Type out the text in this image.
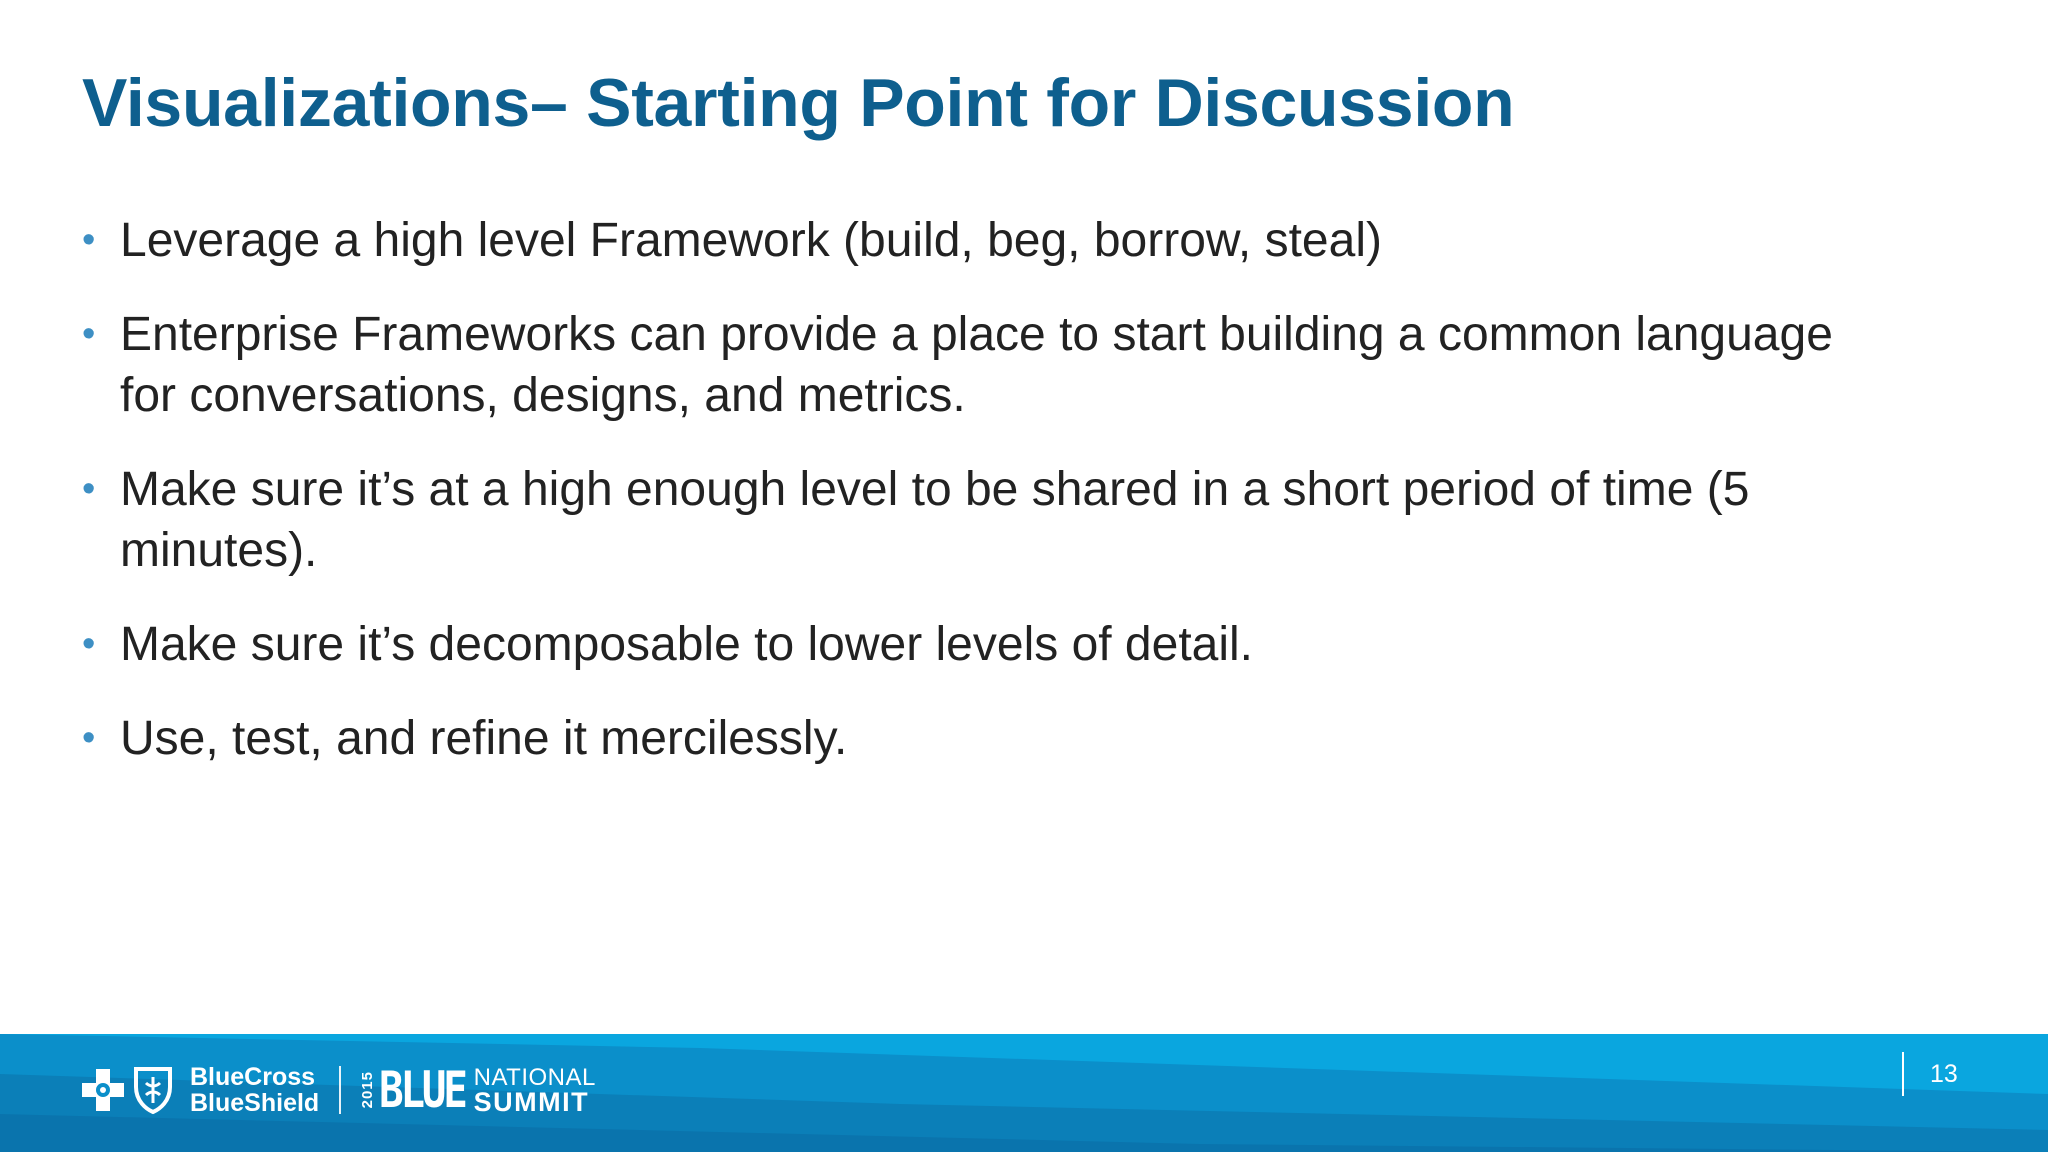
Visualizations– Starting Point for Discussion
• Leverage a high level Framework (build, beg, borrow, steal)
• Enterprise Frameworks can provide a place to start building a common language for conversations, designs, and metrics.
• Make sure it’s at a high enough level to be shared in a short period of time (5 minutes).
• Make sure it’s decomposable to lower levels of detail.
• Use, test, and refine it mercilessly.
BlueCross
BlueShield	2015 BLUE NATIONAL
SUMMIT
13
